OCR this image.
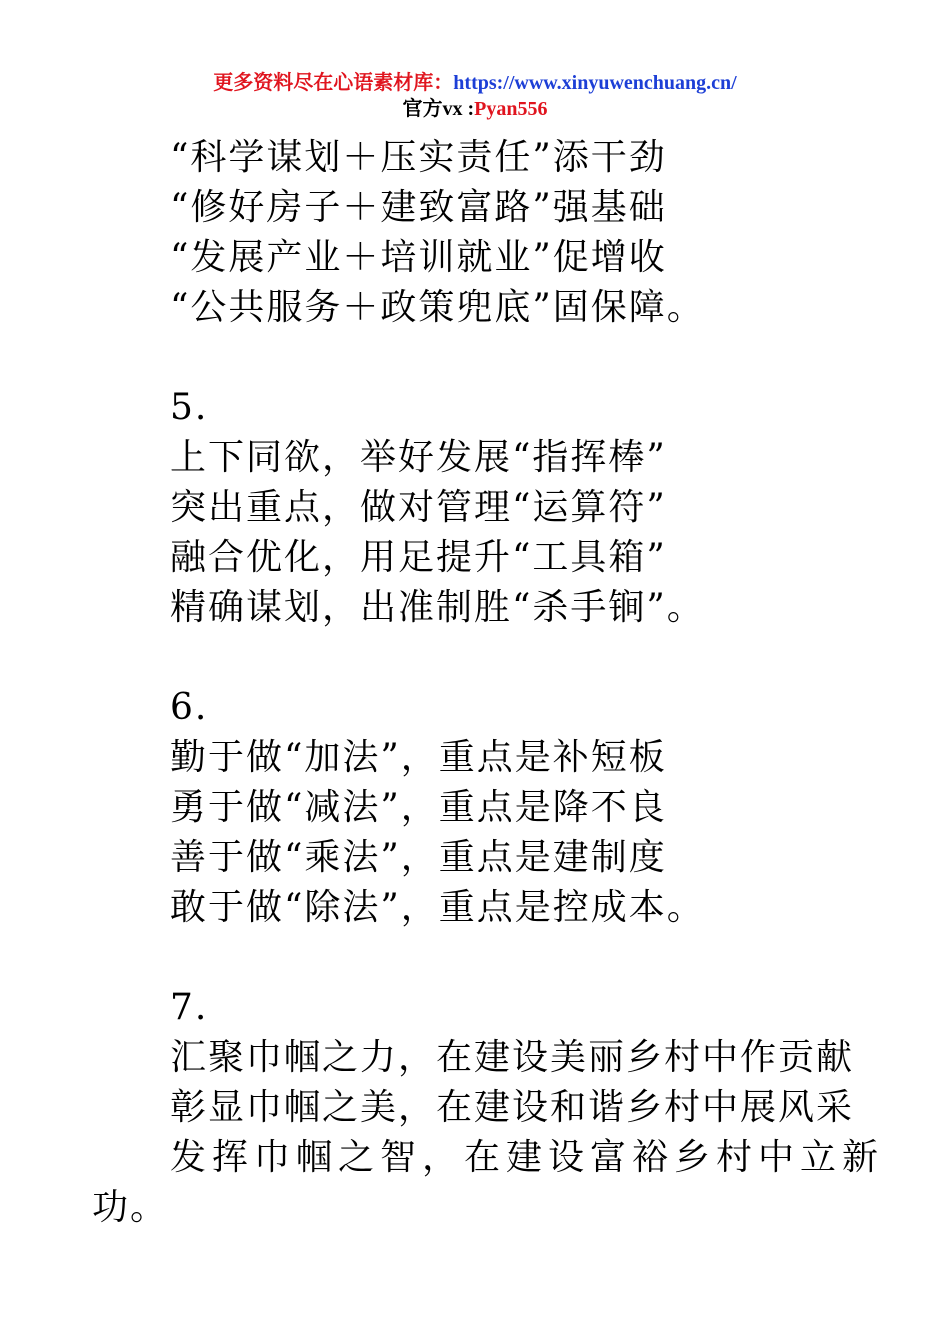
更多资料尽在心语素材库：https://www.xinyuwenchuang.cn/
官方vx :Pyan556
“科学谋划＋压实责任”添干劲
“修好房子＋建致富路”强基础
“发展产业＋培训就业”促增收
“公共服务＋政策兜底”固保障。
5.
上下同欲，举好发展“指挥棒”
突出重点，做对管理“运算符”
融合优化，用足提升“工具箱”
精确谋划，出准制胜“杀手锏”。
6.
勤于做“加法”，重点是补短板
勇于做“减法”，重点是降不良
善于做“乘法”，重点是建制度
敢于做“除法”，重点是控成本。
7.
汇聚巾帼之力，在建设美丽乡村中作贡献
彰显巾帼之美，在建设和谐乡村中展风采
发挥巾帼之智，在建设富裕乡村中立新
功。
